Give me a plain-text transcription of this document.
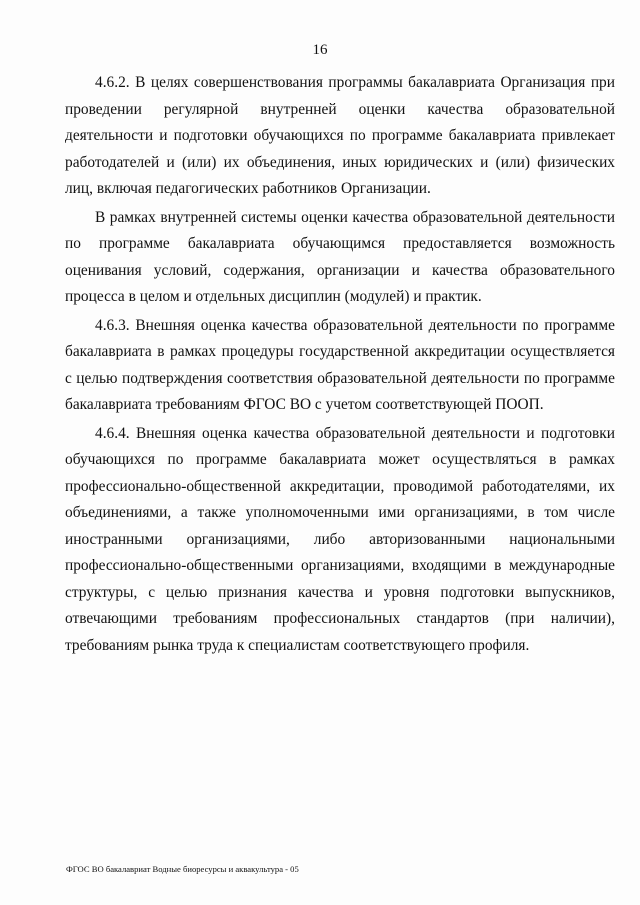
16

4.6.2. В целях совершенствования программы бакалавриата Организация при проведении регулярной внутренней оценки качества образовательной деятельности и подготовки обучающихся по программе бакалавриата привлекает работодателей и (или) их объединения, иных юридических и (или) физических лиц, включая педагогических работников Организации.

В рамках внутренней системы оценки качества образовательной деятельности по программе бакалавриата обучающимся предоставляется возможность оценивания условий, содержания, организации и качества образовательного процесса в целом и отдельных дисциплин (модулей) и практик.

4.6.3. Внешняя оценка качества образовательной деятельности по программе бакалавриата в рамках процедуры государственной аккредитации осуществляется с целью подтверждения соответствия образовательной деятельности по программе бакалавриата требованиям ФГОС ВО с учетом соответствующей ПООП.

4.6.4. Внешняя оценка качества образовательной деятельности и подготовки обучающихся по программе бакалавриата может осуществляться в рамках профессионально-общественной аккредитации, проводимой работодателями, их объединениями, а также уполномоченными ими организациями, в том числе иностранными организациями, либо авторизованными национальными профессионально-общественными организациями, входящими в международные структуры, с целью признания качества и уровня подготовки выпускников, отвечающими требованиям профессиональных стандартов (при наличии), требованиям рынка труда к специалистам соответствующего профиля.

ФГОС ВО бакалавриат Водные биоресурсы и аквакультура - 05
